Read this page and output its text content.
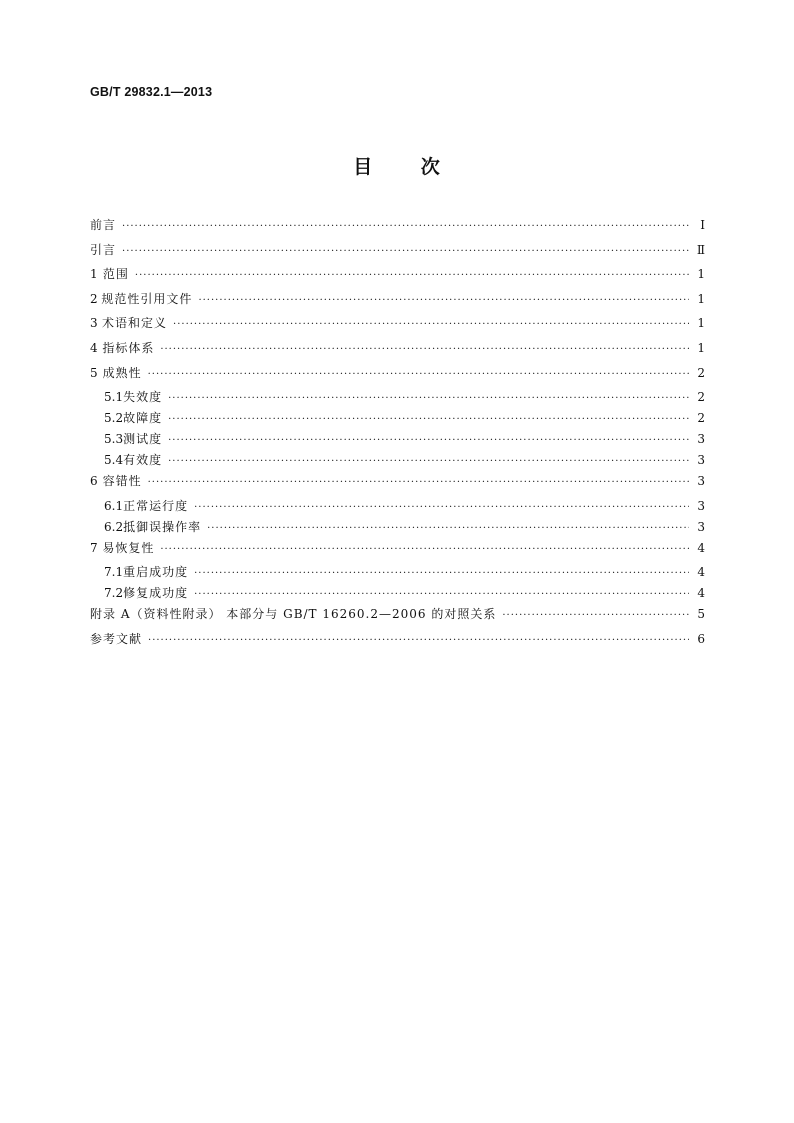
GB/T 29832.1—2013
目 次
前言 ·····	Ⅰ
引言 ·····	Ⅱ
1 范围 ·····	1
2 规范性引用文件 ·····	1
3 术语和定义 ·····	1
4 指标体系 ·····	1
5 成熟性 ·····	2
5.1 失效度 ·····	2
5.2 故障度 ·····	2
5.3 测试度 ·····	3
5.4 有效度 ·····	3
6 容错性 ·····	3
6.1 正常运行度 ·····	3
6.2 抵御误操作率 ·····	3
7 易恢复性 ·····	4
7.1 重启成功度 ·····	4
7.2 修复成功度 ·····	4
附录 A（资料性附录） 本部分与 GB/T 16260.2—2006 的对照关系 ·····	5
参考文献 ·····	6
